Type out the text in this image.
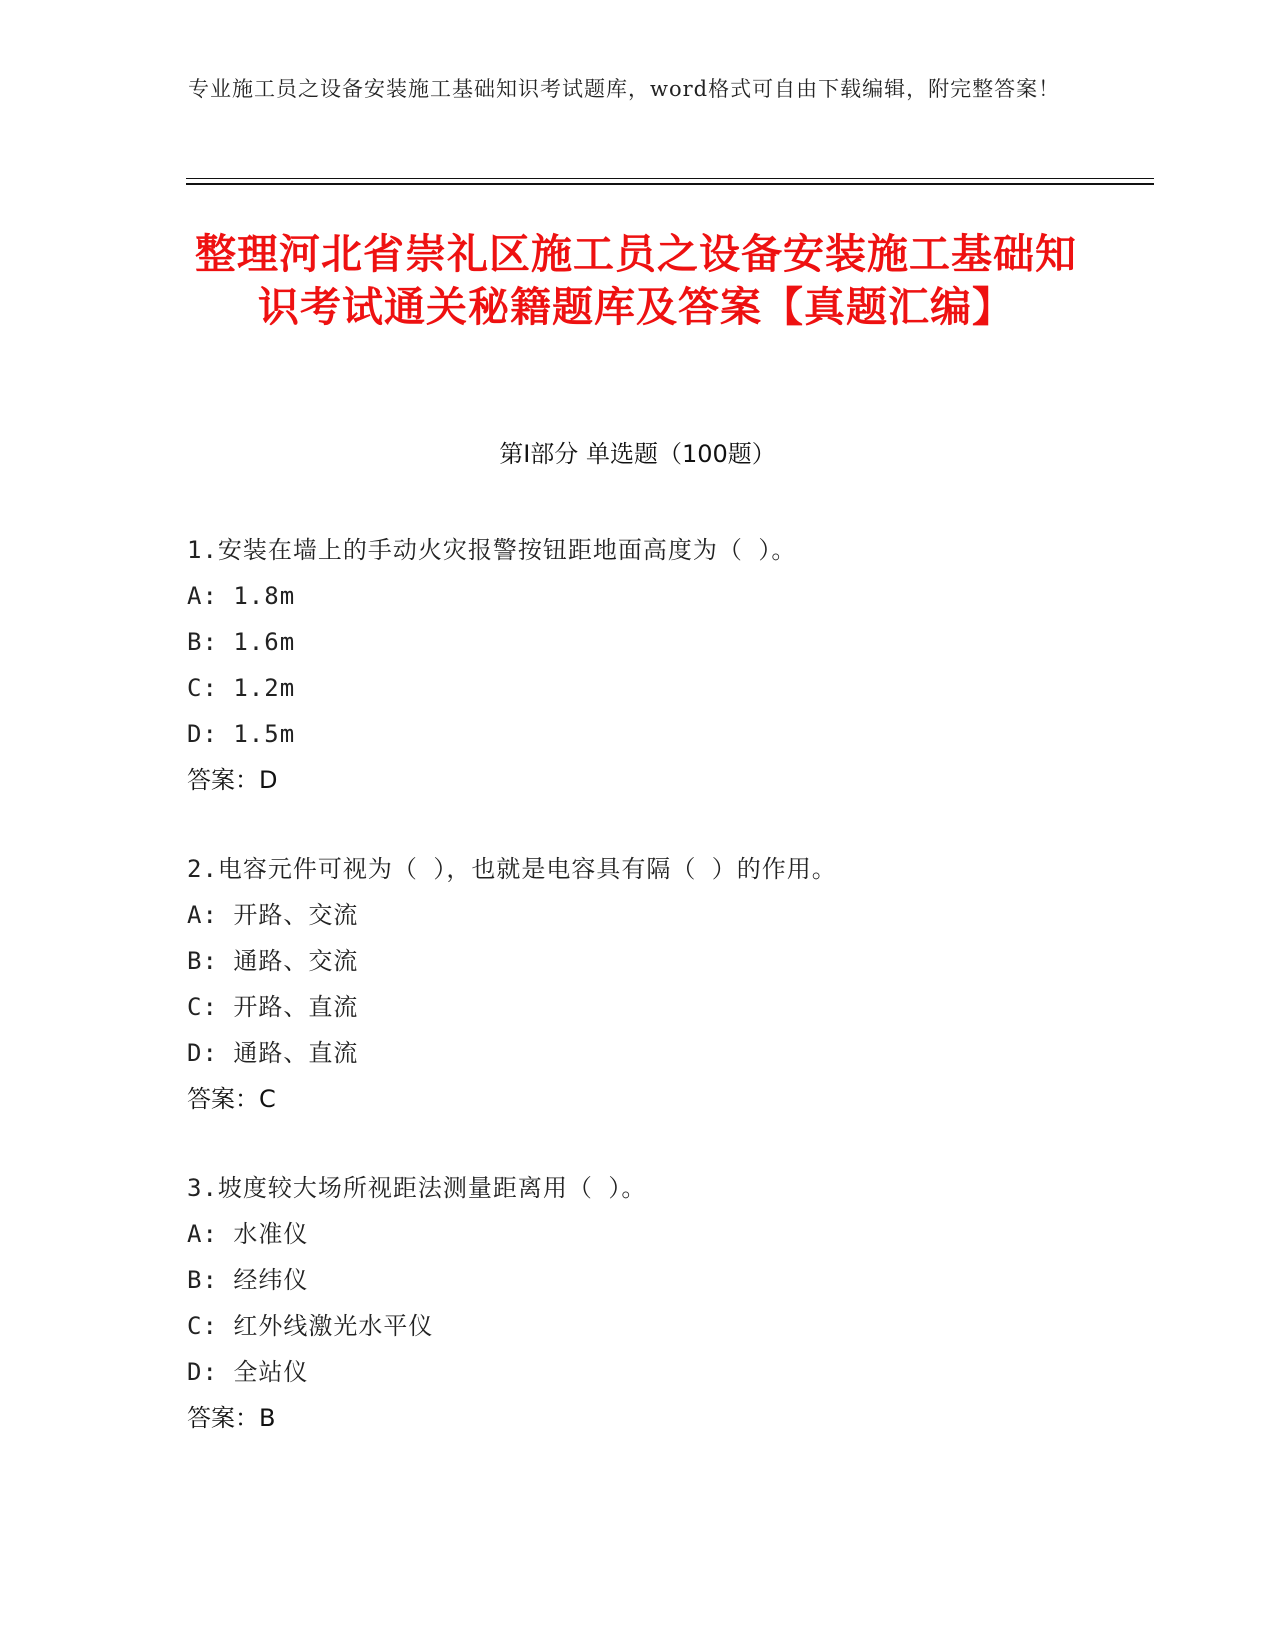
专业施工员之设备安装施工基础知识考试题库，word格式可自由下载编辑，附完整答案！
整理河北省崇礼区施工员之设备安装施工基础知识考试通关秘籍题库及答案【真题汇编】
第I部分 单选题（100题）
1.安装在墙上的手动火灾报警按钮距地面高度为（ ）。
A: 1.8m
B: 1.6m
C: 1.2m
D: 1.5m
答案：D
2.电容元件可视为（ ），也就是电容具有隔（ ）的作用。
A: 开路、交流
B: 通路、交流
C: 开路、直流
D: 通路、直流
答案：C
3.坡度较大场所视距法测量距离用（ ）。
A: 水准仪
B: 经纬仪
C: 红外线激光水平仪
D: 全站仪
答案：B
